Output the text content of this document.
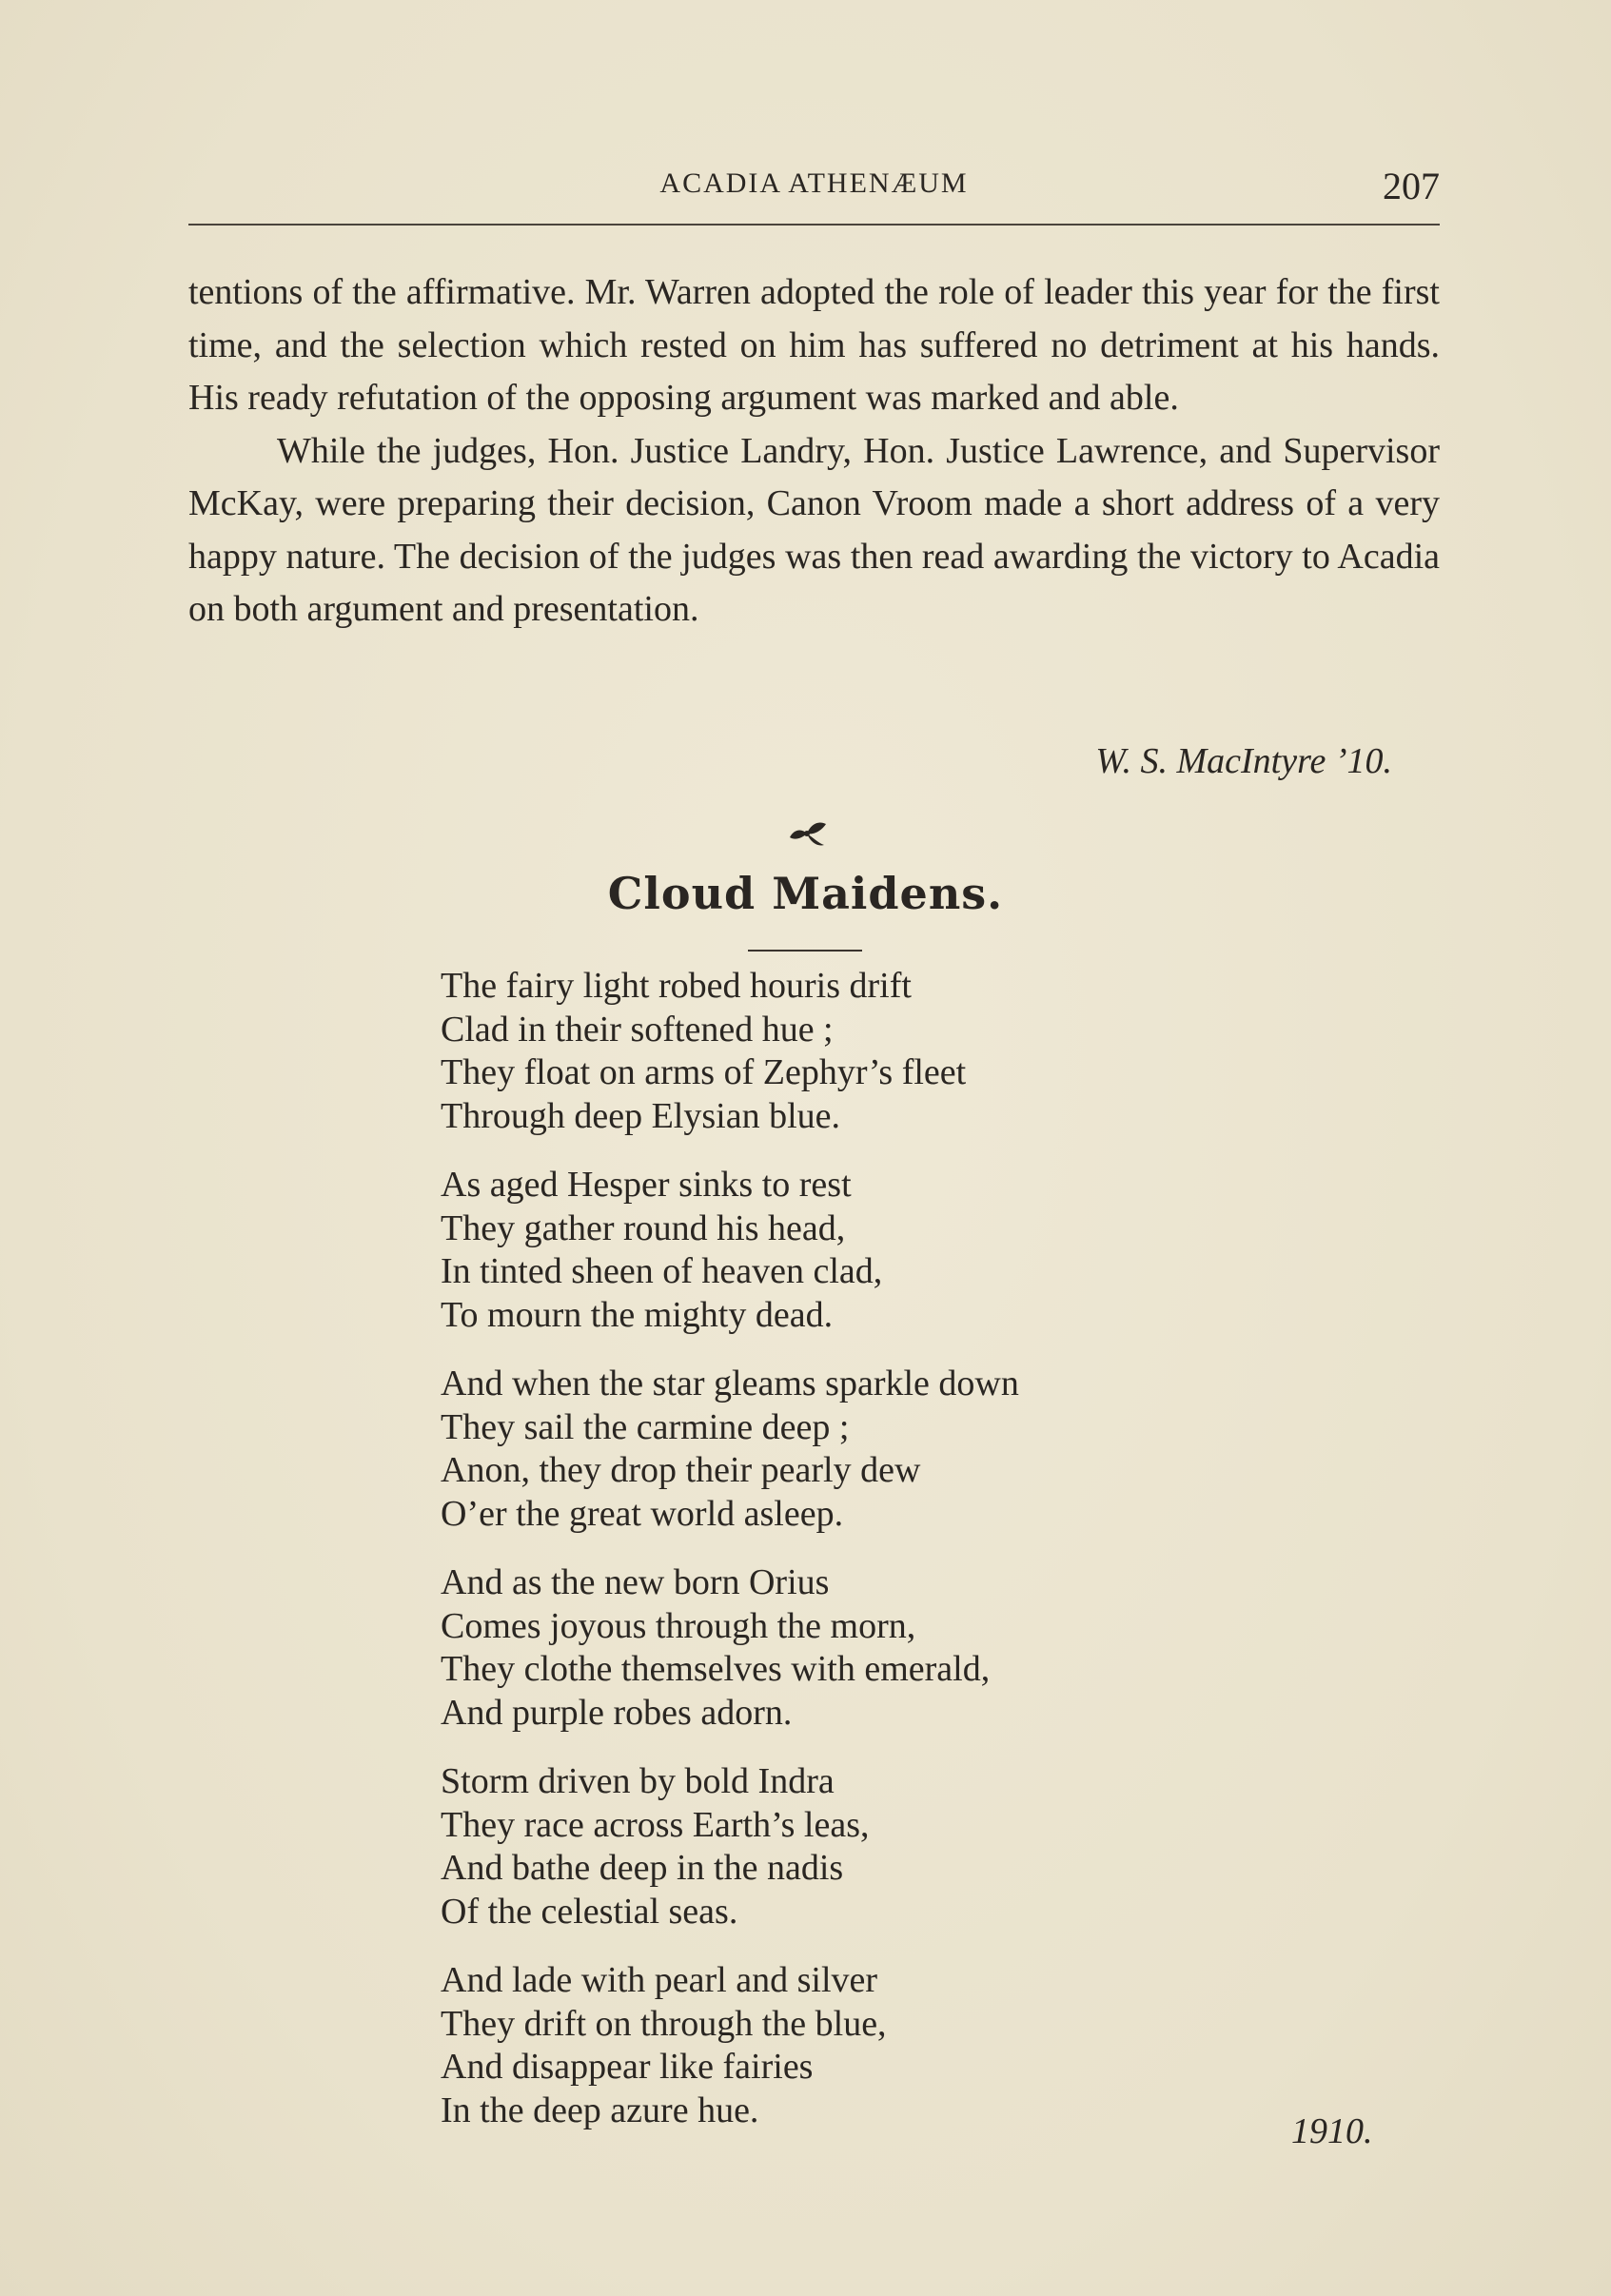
ACADIA ATHENÆUM	207

tentions of the affirmative. Mr. Warren adopted the role of leader this year for the first time, and the selection which rested on him has suffered no detriment at his hands. His ready refutation of the opposing argument was marked and able.

While the judges, Hon. Justice Landry, Hon. Justice Lawrence, and Supervisor McKay, were preparing their decision, Canon Vroom made a short address of a very happy nature. The decision of the judges was then read awarding the victory to Acadia on both argument and presentation.

W. S. MacIntyre ’10.
Cloud Maidens.
The fairy light robed houris drift
Clad in their softened hue ;
They float on arms of Zephyr’s fleet
Through deep Elysian blue.
As aged Hesper sinks to rest
They gather round his head,
In tinted sheen of heaven clad,
To mourn the mighty dead.
And when the star gleams sparkle down
They sail the carmine deep ;
Anon, they drop their pearly dew
O’er the great world asleep.
And as the new born Orius
Comes joyous through the morn,
They clothe themselves with emerald,
And purple robes adorn.
Storm driven by bold Indra
They race across Earth’s leas,
And bathe deep in the nadis
Of the celestial seas.
And lade with pearl and silver
They drift on through the blue,
And disappear like fairies
In the deep azure hue.
1910.
